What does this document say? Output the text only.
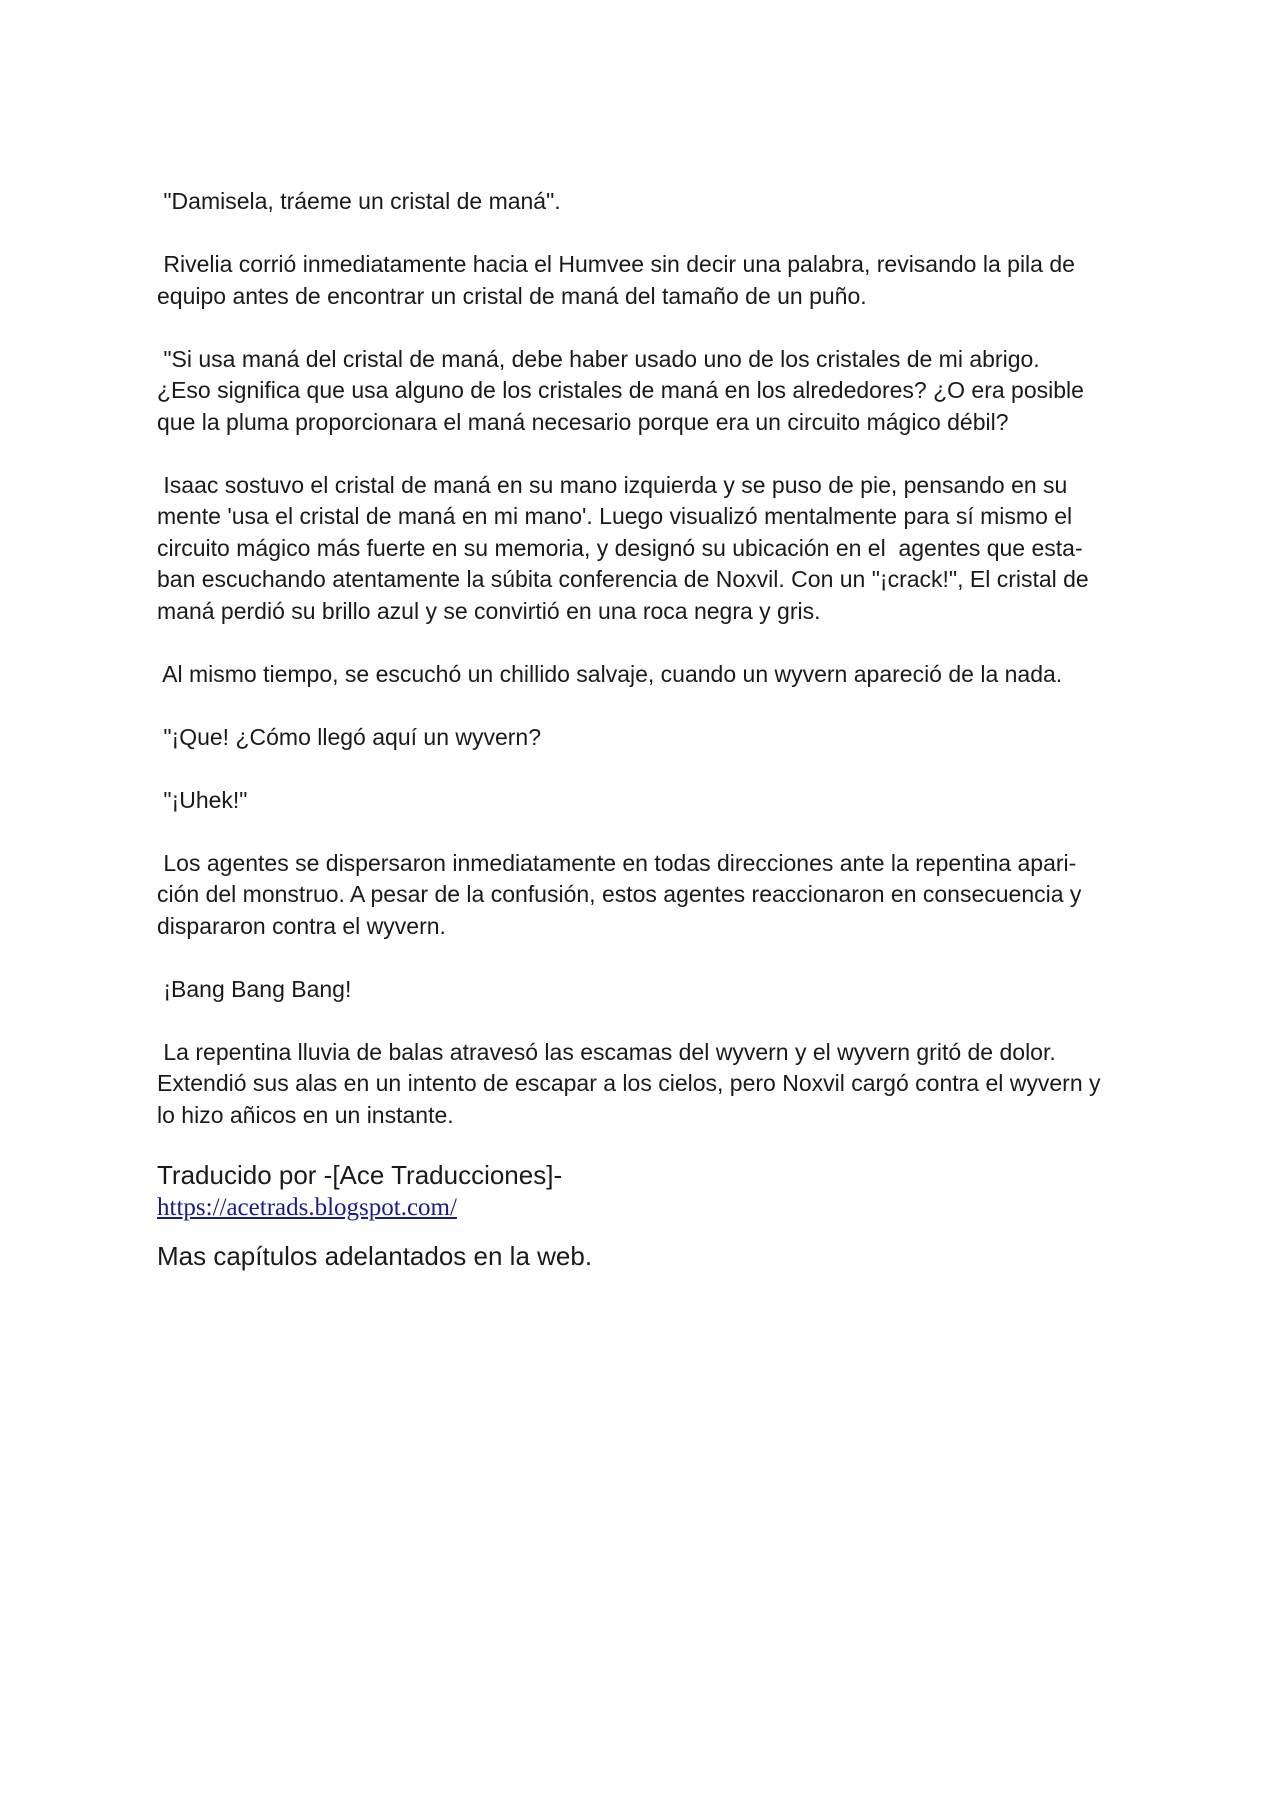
"Damisela, tráeme un cristal de maná".

Rivelia corrió inmediatamente hacia el Humvee sin decir una palabra, revisando la pila de
equipo antes de encontrar un cristal de maná del tamaño de un puño.

"Si usa maná del cristal de maná, debe haber usado uno de los cristales de mi abrigo.
¿Eso significa que usa alguno de los cristales de maná en los alrededores? ¿O era posible
que la pluma proporcionara el maná necesario porque era un circuito mágico débil?

Isaac sostuvo el cristal de maná en su mano izquierda y se puso de pie, pensando en su
mente 'usa el cristal de maná en mi mano'. Luego visualizó mentalmente para sí mismo el
circuito mágico más fuerte en su memoria, y designó su ubicación en el  agentes que esta-
ban escuchando atentamente la súbita conferencia de Noxvil. Con un "¡crack!", El cristal de
maná perdió su brillo azul y se convirtió en una roca negra y gris.

Al mismo tiempo, se escuchó un chillido salvaje, cuando un wyvern apareció de la nada.

"¡Que! ¿Cómo llegó aquí un wyvern?

"¡Uhek!"

Los agentes se dispersaron inmediatamente en todas direcciones ante la repentina apari-
ción del monstruo. A pesar de la confusión, estos agentes reaccionaron en consecuencia y
dispararon contra el wyvern.

¡Bang Bang Bang!

La repentina lluvia de balas atravesó las escamas del wyvern y el wyvern gritó de dolor.
Extendió sus alas en un intento de escapar a los cielos, pero Noxvil cargó contra el wyvern y
lo hizo añicos en un instante.

Traducido por -[Ace Traducciones]-

https://acetrads.blogspot.com/

Mas capítulos adelantados en la web.
